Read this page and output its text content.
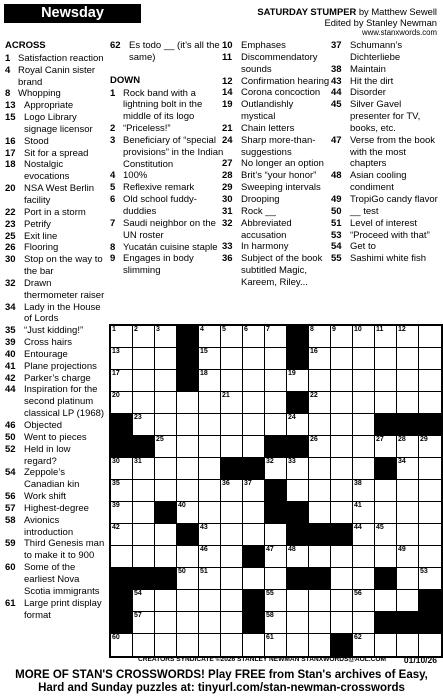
Newsday Crossword
SATURDAY STUMPER by Matthew Sewell
Edited by Stanley Newman
www.stanxwords.com
ACROSS
1 Satisfaction reaction
4 Royal Canin sister brand
8 Whopping
13 Appropriate
15 Logo Library signage licensor
16 Stood
17 Sit for a spread
18 Nostalgic evocations
20 NSA West Berlin facility
22 Port in a storm
23 Petrify
25 Exit line
26 Flooring
30 Stop on the way to the bar
32 Drawn thermometer raiser
34 Lady in the House of Lords
35 “Just kidding!”
39 Cross hairs
40 Entourage
41 Plane projections
42 Parker’s charge
44 Inspiration for the second platinum classical LP (1968)
46 Objected
50 Went to pieces
52 Held in low regard?
54 Zeppole’s Canadian kin
56 Work shift
57 Highest-degree
58 Avionics introduction
59 Third Genesis man to make it to 900
60 Some of the earliest Nova Scotia immigrants
61 Large print display format
62 Es todo __ (it’s all the same)
DOWN
1 Rock band with a lightning bolt in the middle of its logo
2 “Priceless!”
3 Beneficiary of “special provisions” in the Indian Constitution
4 100%
5 Reflexive remark
6 Old school fuddy-duddies
7 Saudi neighbor on the UN roster
8 Yucatán cuisine staple
9 Engages in body slimming
10 Emphases
11 Discommendatory sounds
12 Confirmation hearing
14 Corona concoction
19 Outlandishly mystical
21 Chain letters
24 Sharp more-than-suggestions
27 No longer an option
28 Brit’s “your honor”
29 Sweeping intervals
30 Drooping
31 Rock __
32 Abbreviated accusation
33 In harmony
36 Subject of the book subtitled Magic, Kareem, Riley...
37 Schumann’s Dichterliebe
38 Maintain
43 Hit the dirt
44 Disorder
45 Silver Gavel presenter for TV, books, etc.
47 Verse from the book with the most chapters
48 Asian cooling condiment
49 TropiGo candy flavor
50 __ test
51 Level of interest
53 “Proceed with that”
54 Get to
55 Sashimi white fish
1	2	3	4	5	6	7	8	9	10 11 12
13	15	16
17	18	19
20	21	22
23	24
25	26	27 28 29
30 31	32 33	34
35	36 37	38
39	40	41
42	43	44 45
46	47 48	49
50 51	53
54	55	56
57	58
60	61	62
CREATORS SYNDICATE ©2026 STANLEY NEWMAN STANXWORDS@AOL.COM 01/10/26
MORE OF STAN'S CROSSWORDS! Play FREE from Stan's archives of Easy,
Hard and Sunday puzzles at: tinyurl.com/stan-newman-crosswords
